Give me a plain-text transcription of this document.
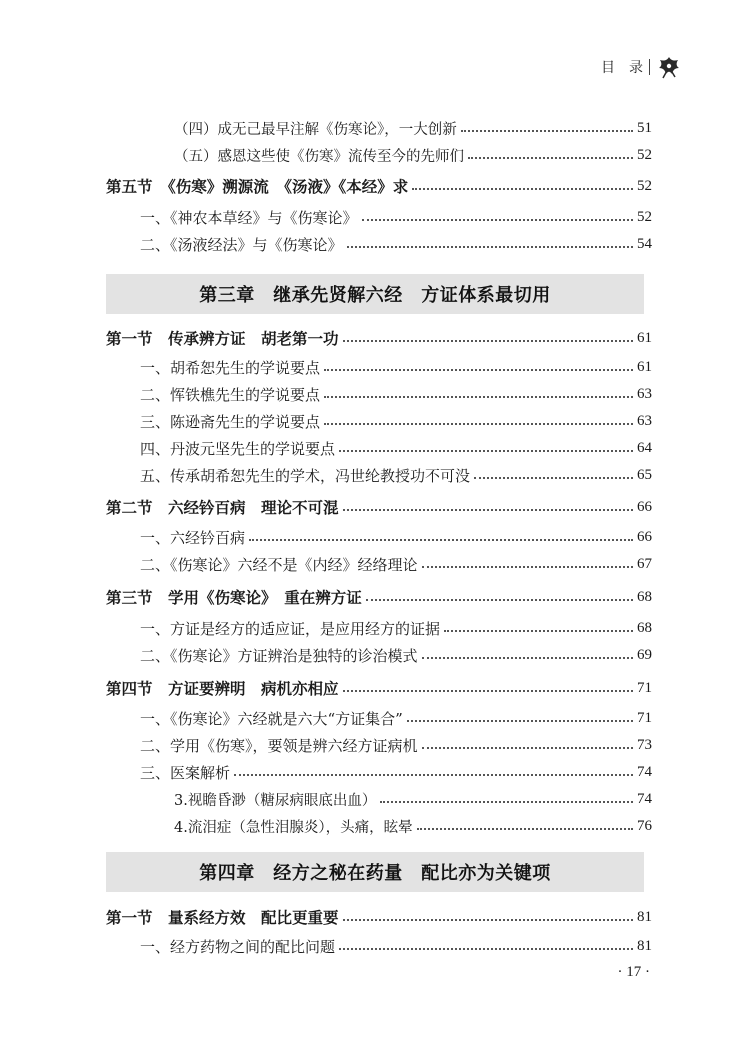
目　录
（四）成无己最早注解《伤寒论》，一大创新	51
（五）感恩这些使《伤寒》流传至今的先师们	52
第五节　《伤寒》溯源流　《汤液》《本经》求	52
一、《神农本草经》与《伤寒论》	52
二、《汤液经法》与《伤寒论》	54
第三章　继承先贤解六经　方证体系最切用
第一节　传承辨方证　胡老第一功	61
一、胡希恕先生的学说要点	61
二、恽铁樵先生的学说要点	63
三、陈逊斋先生的学说要点	63
四、丹波元坚先生的学说要点	64
五、传承胡希恕先生的学术，冯世纶教授功不可没	65
第二节　六经钤百病　理论不可混	66
一、六经钤百病	66
二、《伤寒论》六经不是《内经》经络理论	67
第三节　学用《伤寒论》　重在辨方证	68
一、方证是经方的适应证，是应用经方的证据	68
二、《伤寒论》方证辨治是独特的诊治模式	69
第四节　方证要辨明　病机亦相应	71
一、《伤寒论》六经就是六大“方证集合”	71
二、学用《伤寒》，要领是辨六经方证病机	73
三、医案解析	74
3.视瞻昏渺（糖尿病眼底出血）	74
4.流泪症（急性泪腺炎），头痛，眩晕	76
第四章　经方之秘在药量　配比亦为关键项
第一节　量系经方效　配比更重要	81
一、经方药物之间的配比问题	81
· 17 ·
